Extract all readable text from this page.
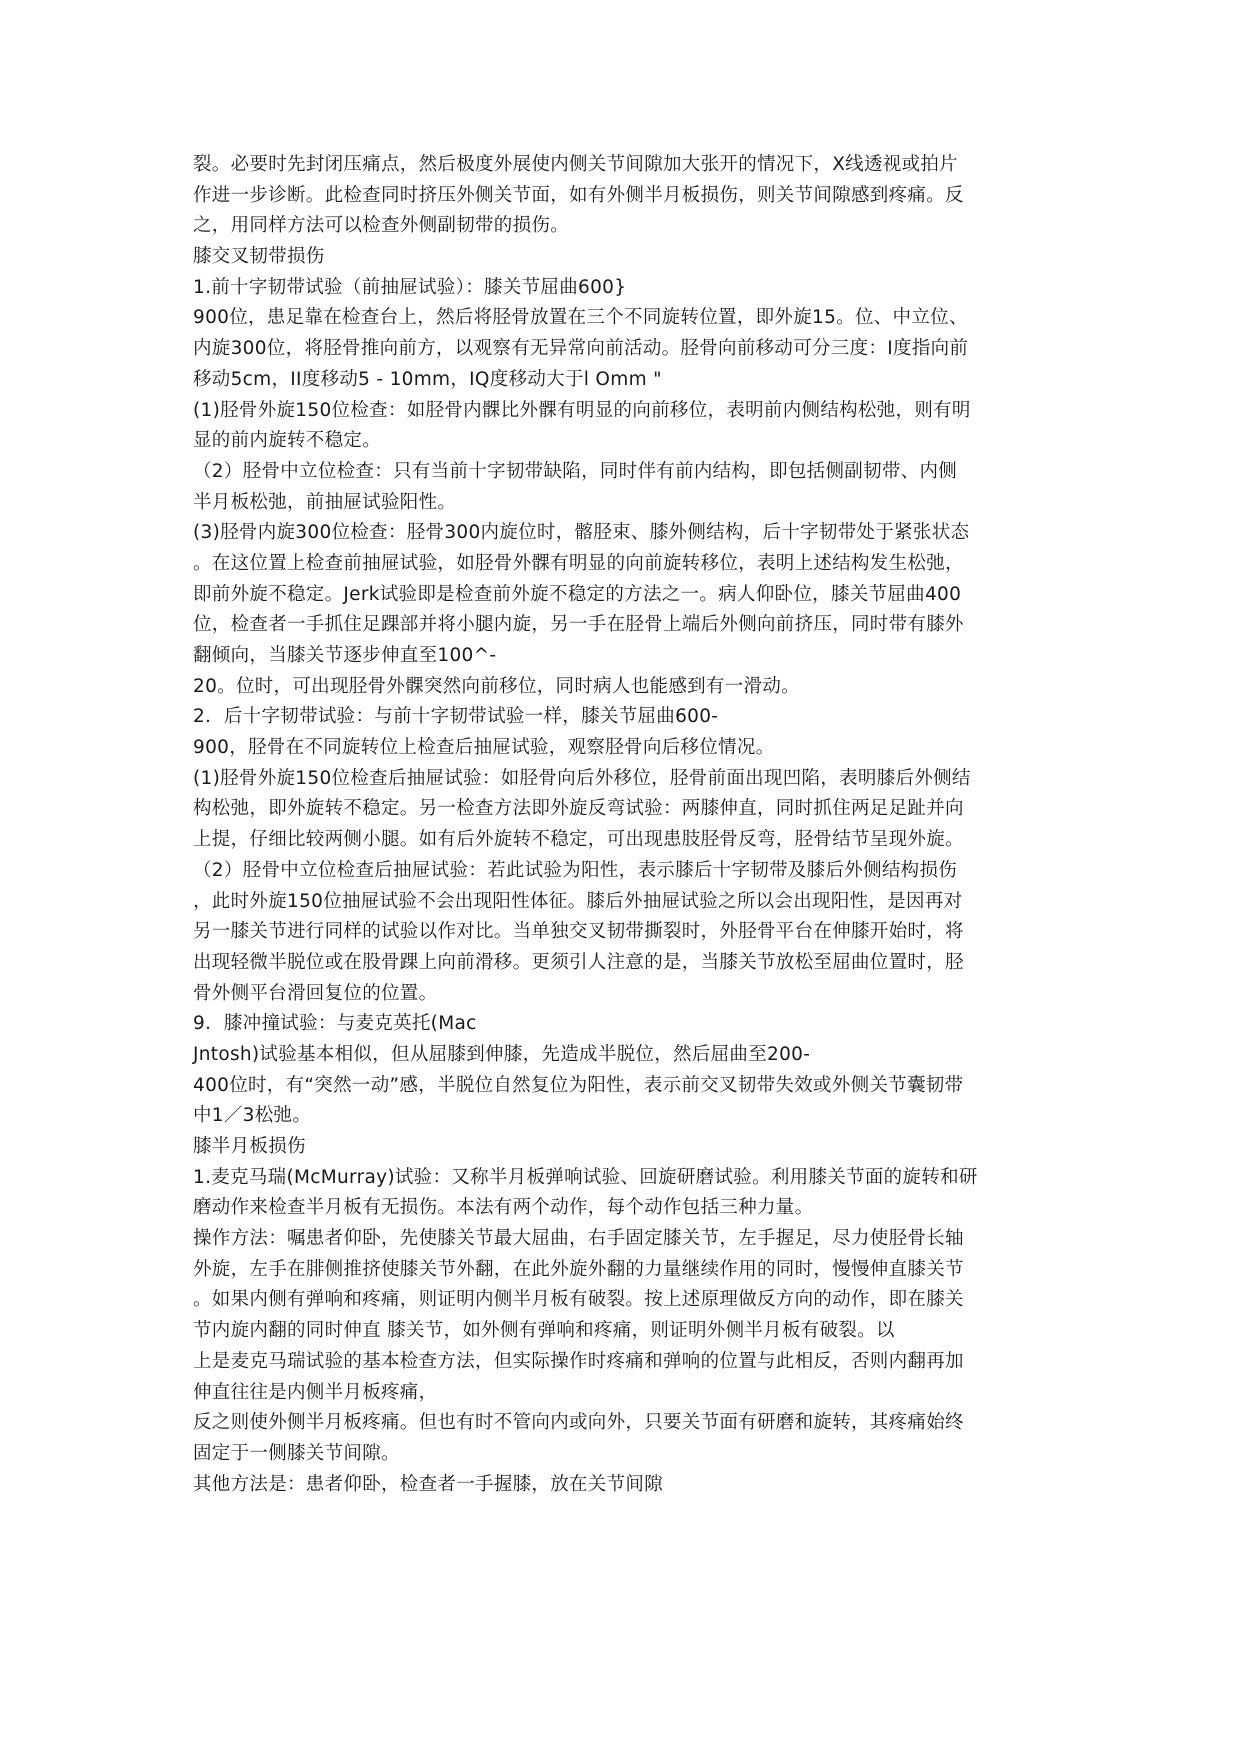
裂。必要时先封闭压痛点，然后极度外展使内侧关节间隙加大张开的情况下，X线透视或拍片
作进一步诊断。此检查同时挤压外侧关节面，如有外侧半月板损伤，则关节间隙感到疼痛。反
之，用同样方法可以检查外侧副韧带的损伤。
膝交叉韧带损伤
1.前十字韧带试验（前抽屉试验）：膝关节屈曲600}
900位，患足靠在检查台上，然后将胫骨放置在三个不同旋转位置，即外旋15。位、中立位、
内旋300位，将胫骨推向前方，以观察有无异常向前活动。胫骨向前移动可分三度：I度指向前
移动5cm，II度移动5 - 10mm，IQ度移动大于l Omm "
(1)胫骨外旋150位检查：如胫骨内髁比外髁有明显的向前移位，表明前内侧结构松弛，则有明
显的前内旋转不稳定。
（2）胫骨中立位检查：只有当前十字韧带缺陷，同时伴有前内结构，即包括侧副韧带、内侧
半月板松弛，前抽屉试验阳性。
(3)胫骨内旋300位检查：胫骨300内旋位时，髂胫束、膝外侧结构，后十字韧带处于紧张状态
。在这位置上检查前抽屉试验，如胫骨外髁有明显的向前旋转移位，表明上述结构发生松弛，
即前外旋不稳定。Jerk试验即是检查前外旋不稳定的方法之一。病人仰卧位，膝关节屈曲400
位，检查者一手抓住足踝部并将小腿内旋，另一手在胫骨上端后外侧向前挤压，同时带有膝外
翻倾向，当膝关节逐步伸直至100^-
20。位时，可出现胫骨外髁突然向前移位，同时病人也能感到有一滑动。
2．后十字韧带试验：与前十字韧带试验一样，膝关节屈曲600-
900，胫骨在不同旋转位上检查后抽屉试验，观察胫骨向后移位情况。
(1)胫骨外旋150位检查后抽屉试验：如胫骨向后外移位，胫骨前面出现凹陷，表明膝后外侧结
构松弛，即外旋转不稳定。另一检查方法即外旋反弯试验：两膝伸直，同时抓住两足足趾并向
上提，仔细比较两侧小腿。如有后外旋转不稳定，可出现患肢胫骨反弯，胫骨结节呈现外旋。
（2）胫骨中立位检查后抽屉试验：若此试验为阳性，表示膝后十字韧带及膝后外侧结构损伤
，此时外旋150位抽屉试验不会出现阳性体征。膝后外抽屉试验之所以会出现阳性，是因再对
另一膝关节进行同样的试验以作对比。当单独交叉韧带撕裂时，外胫骨平台在伸膝开始时，将
出现轻微半脱位或在股骨踝上向前滑移。更须引人注意的是，当膝关节放松至屈曲位置时，胫
骨外侧平台滑回复位的位置。
9．膝冲撞试验：与麦克英托(Mac
Jntosh)试验基本相似，但从屈膝到伸膝，先造成半脱位，然后屈曲至200-
400位时，有“突然一动”感，半脱位自然复位为阳性，表示前交叉韧带失效或外侧关节囊韧带
中1／3松弛。
膝半月板损伤
1.麦克马瑞(McMurray)试验：又称半月板弹响试验、回旋研磨试验。利用膝关节面的旋转和研
磨动作来检查半月板有无损伤。本法有两个动作，每个动作包括三种力量。
操作方法：嘱患者仰卧，先使膝关节最大屈曲，右手固定膝关节，左手握足，尽力使胫骨长轴
外旋，左手在腓侧推挤使膝关节外翻，在此外旋外翻的力量继续作用的同时，慢慢伸直膝关节
。如果内侧有弹响和疼痛，则证明内侧半月板有破裂。按上述原理做反方向的动作，即在膝关
节内旋内翻的同时伸直 膝关节，如外侧有弹响和疼痛，则证明外侧半月板有破裂。以
上是麦克马瑞试验的基本检查方法，但实际操作时疼痛和弹响的位置与此相反，否则内翻再加
伸直往往是内侧半月板疼痛，
反之则使外侧半月板疼痛。但也有时不管向内或向外，只要关节面有研磨和旋转，其疼痛始终
固定于一侧膝关节间隙。
其他方法是：患者仰卧，检查者一手握膝，放在关节间隙
